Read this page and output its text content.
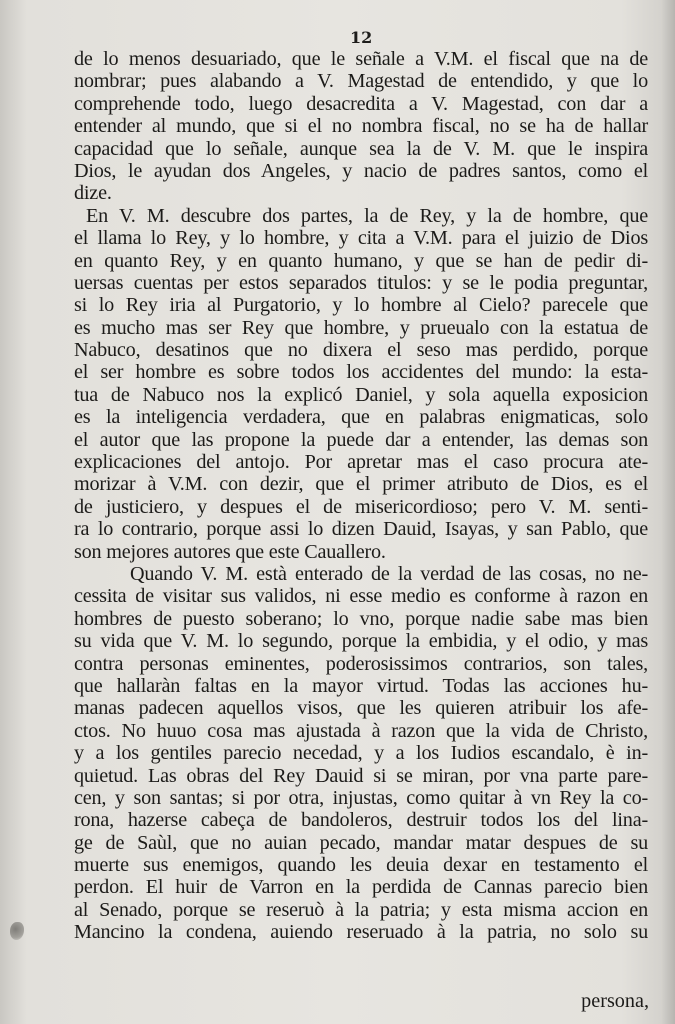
12

de lo menos desuariado, que le señale a V.M. el fiscal que na de
nombrar; pues alabando a V. Magestad de entendido, y que lo
comprehende todo, luego desacredita a V. Magestad, con dar a
entender al mundo, que si el no nombra fiscal, no se ha de hallar
capacidad que lo señale, aunque sea la de V. M. que le inspira
Dios, le ayudan dos Angeles, y nacio de padres santos, como el
dize.
En V. M. descubre dos partes, la de Rey, y la de hombre, que
el llama lo Rey, y lo hombre, y cita a V.M. para el juizio de Dios
en quanto Rey, y en quanto humano, y que se han de pedir di-
uersas cuentas per estos separados titulos: y se le podia preguntar,
si lo Rey iria al Purgatorio, y lo hombre al Cielo? parecele que
es mucho mas ser Rey que hombre, y prueualo con la estatua de
Nabuco, desatinos que no dixera el seso mas perdido, porque
el ser hombre es sobre todos los accidentes del mundo: la esta-
tua de Nabuco nos la explicó Daniel, y sola aquella exposicion
es la inteligencia verdadera, que en palabras enigmaticas, solo
el autor que las propone la puede dar a entender, las demas son
explicaciones del antojo. Por apretar mas el caso procura ate-
morizar à V.M. con dezir, que el primer atributo de Dios, es el
de justiciero, y despues el de misericordioso; pero V. M. senti-
ra lo contrario, porque assi lo dizen Dauid, Isayas, y san Pablo, que
son mejores autores que este Cauallero.
Quando V. M. està enterado de la verdad de las cosas, no ne-
cessita de visitar sus validos, ni esse medio es conforme à razon en
hombres de puesto soberano; lo vno, porque nadie sabe mas bien
su vida que V. M. lo segundo, porque la embidia, y el odio, y mas
contra personas eminentes, poderosissimos contrarios, son tales,
que hallaràn faltas en la mayor virtud. Todas las acciones hu-
manas padecen aquellos visos, que les quieren atribuir los afe-
ctos. No huuo cosa mas ajustada à razon que la vida de Christo,
y a los gentiles parecio necedad, y a los Iudios escandalo, è in-
quietud. Las obras del Rey Dauid si se miran, por vna parte pare-
cen, y son santas; si por otra, injustas, como quitar à vn Rey la co-
rona, hazerse cabeça de bandoleros, destruir todos los del lina-
ge de Saùl, que no auian pecado, mandar matar despues de su
muerte sus enemigos, quando les deuia dexar en testamento el
perdon. El huir de Varron en la perdida de Cannas parecio bien
al Senado, porque se reseruò à la patria; y esta misma accion en
Mancino la condena, auiendo reseruado à la patria, no solo su

persona,
